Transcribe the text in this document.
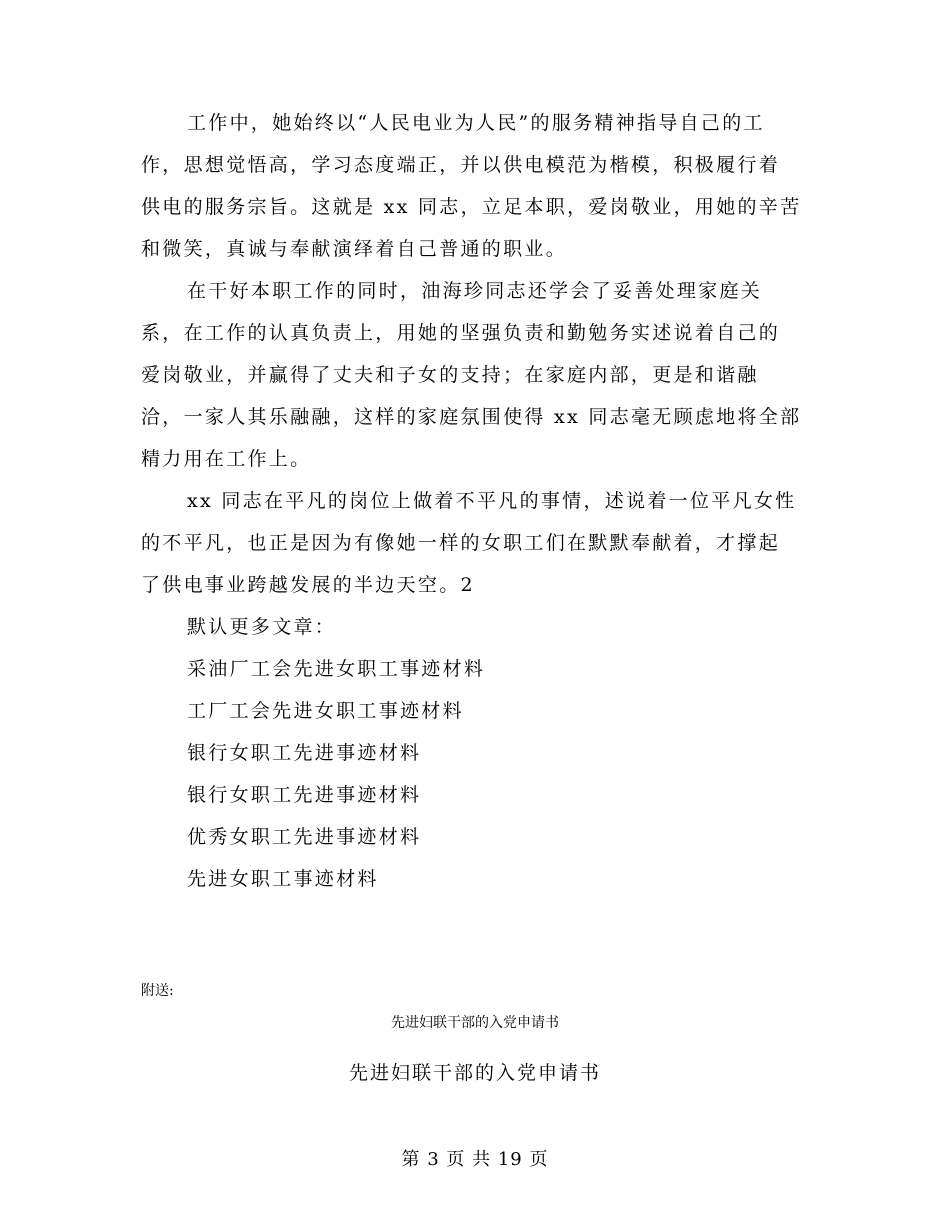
工作中，她始终以“人民电业为人民”的服务精神指导自己的工
作，思想觉悟高，学习态度端正，并以供电模范为楷模，积极履行着
供电的服务宗旨。这就是 xx 同志，立足本职，爱岗敬业，用她的辛苦
和微笑，真诚与奉献演绎着自己普通的职业。
在干好本职工作的同时，油海珍同志还学会了妥善处理家庭关
系，在工作的认真负责上，用她的坚强负责和勤勉务实述说着自己的
爱岗敬业，并赢得了丈夫和子女的支持；在家庭内部，更是和谐融
洽，一家人其乐融融，这样的家庭氛围使得 xx 同志毫无顾虑地将全部
精力用在工作上。
xx 同志在平凡的岗位上做着不平凡的事情，述说着一位平凡女性
的不平凡，也正是因为有像她一样的女职工们在默默奉献着，才撑起
了供电事业跨越发展的半边天空。2

默认更多文章：

采油厂工会先进女职工事迹材料
工厂工会先进女职工事迹材料
银行女职工先进事迹材料
银行女职工先进事迹材料
优秀女职工先进事迹材料
先进女职工事迹材料
附送:
先进妇联干部的入党申请书
先进妇联干部的入党申请书
第 3 页 共 19 页
